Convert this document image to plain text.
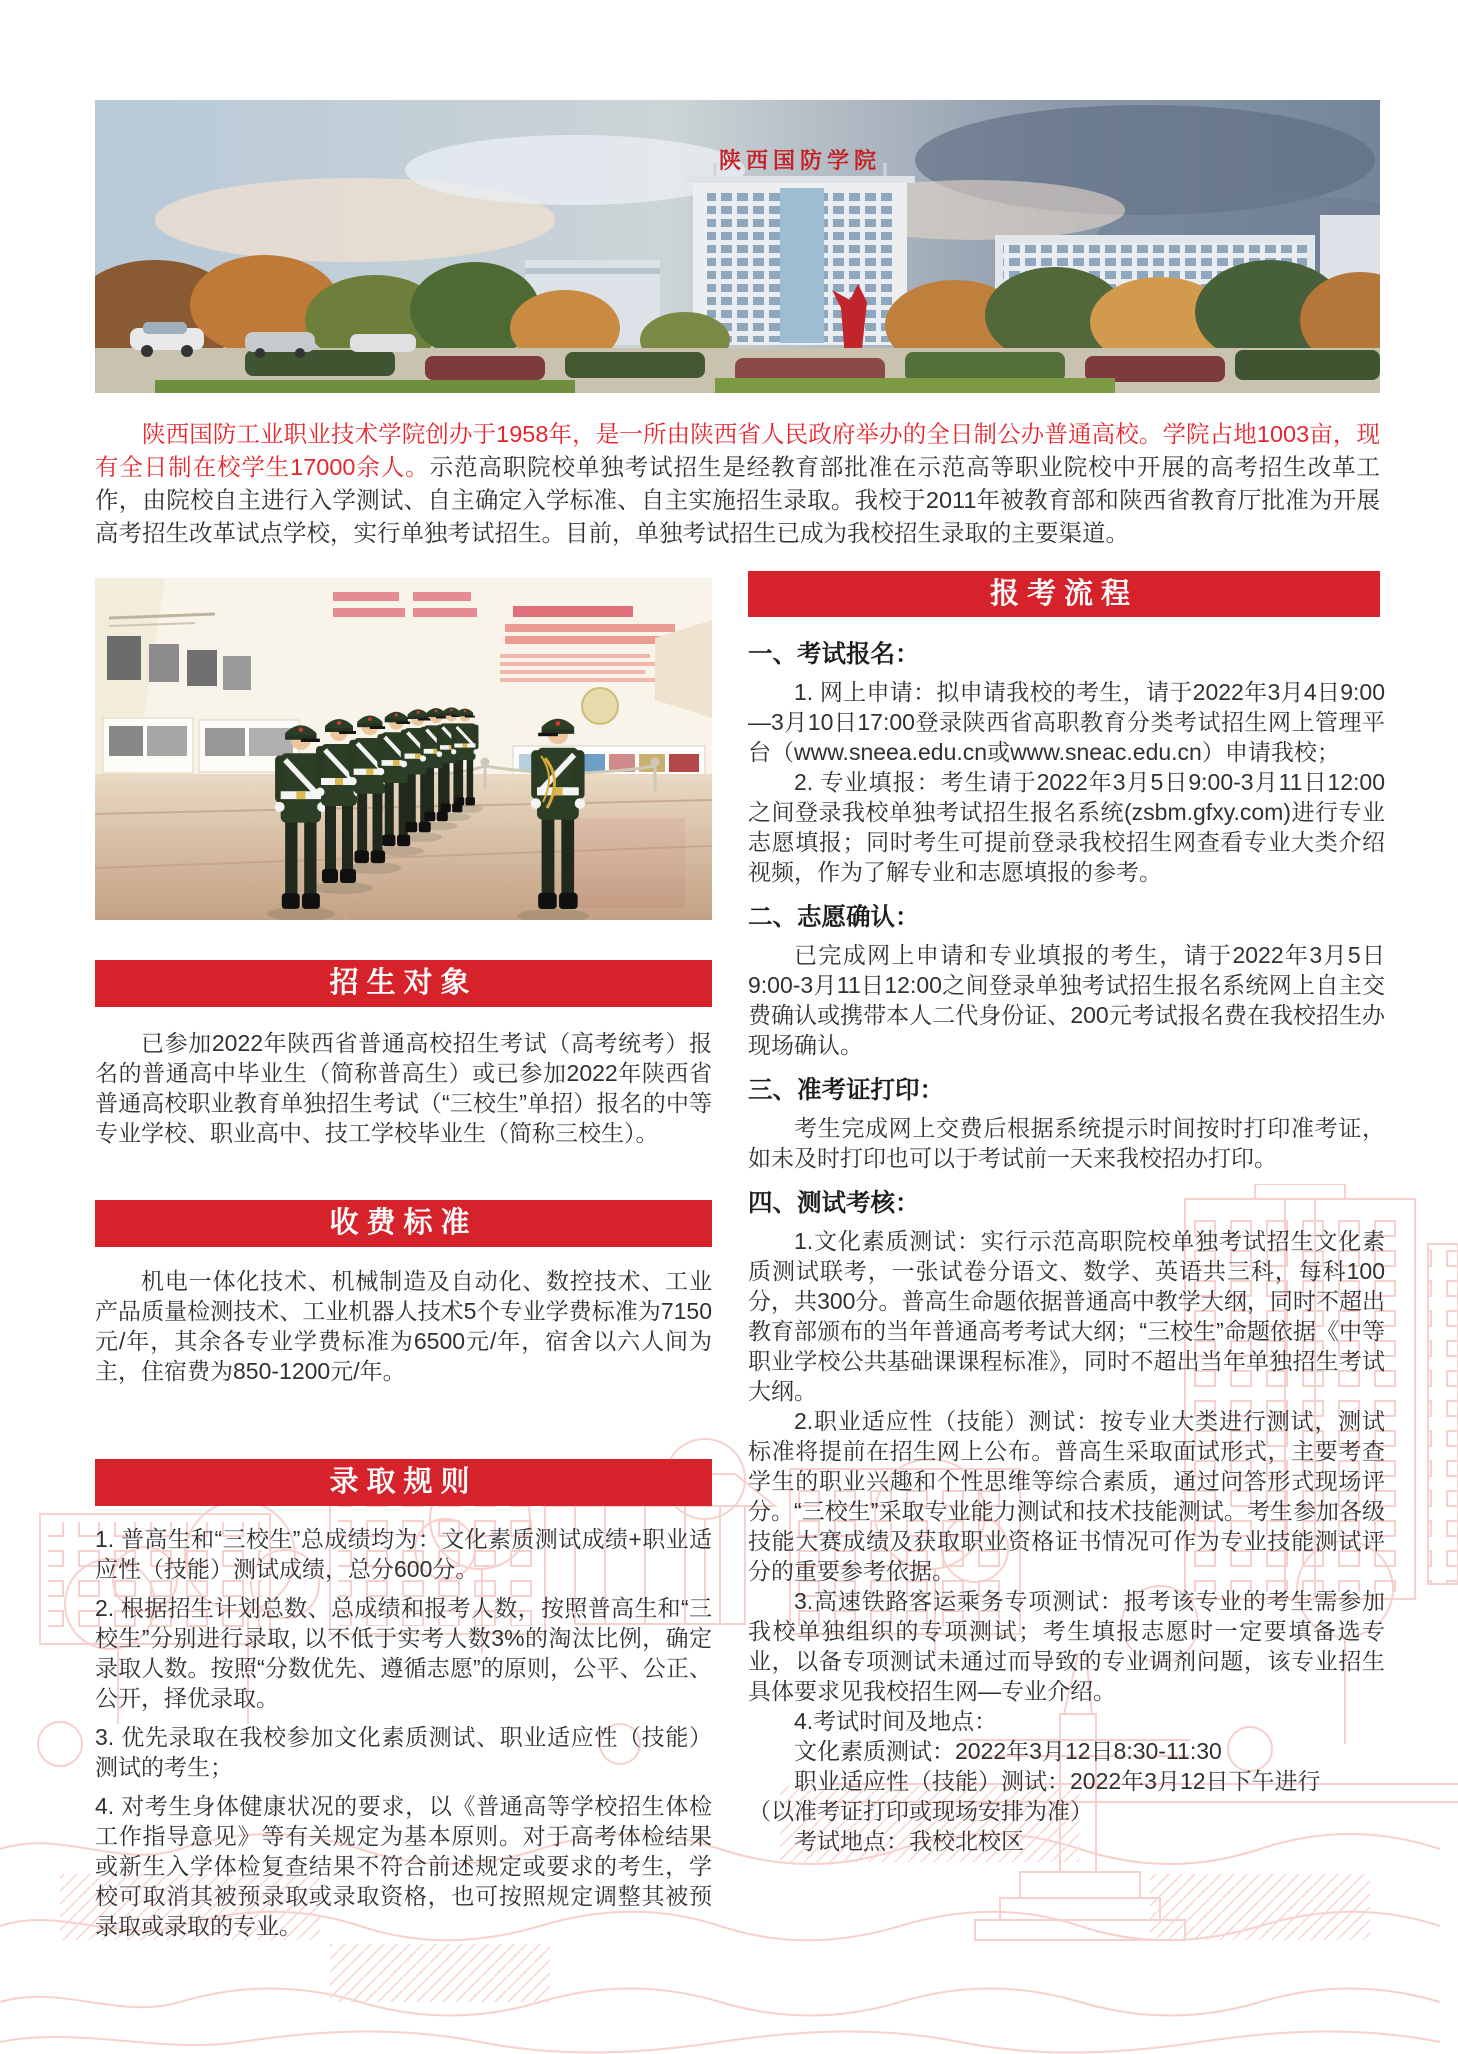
陕西国防学院

陕西国防工业职业技术学院创办于1958年，是一所由陕西省人民政府举办的全日制公办普通高校。学院占地1003亩，现有全日制在校学生17000余人。示范高职院校单独考试招生是经教育部批准在示范高等职业院校中开展的高考招生改革工作，由院校自主进行入学测试、自主确定入学标准、自主实施招生录取。我校于2011年被教育部和陕西省教育厅批准为开展高考招生改革试点学校，实行单独考试招生。目前，单独考试招生已成为我校招生录取的主要渠道。

招生对象

已参加2022年陕西省普通高校招生考试（高考统考）报名的普通高中毕业生（简称普高生）或已参加2022年陕西省普通高校职业教育单独招生考试（“三校生”单招）报名的中等专业学校、职业高中、技工学校毕业生（简称三校生）。

收费标准

机电一体化技术、机械制造及自动化、数控技术、工业产品质量检测技术、工业机器人技术5个专业学费标准为7150元/年，其余各专业学费标准为6500元/年，宿舍以六人间为主，住宿费为850-1200元/年。

录取规则

1. 普高生和“三校生”总成绩均为：文化素质测试成绩+职业适应性（技能）测试成绩，总分600分。

2. 根据招生计划总数、总成绩和报考人数，按照普高生和“三校生”分别进行录取, 以不低于实考人数3%的淘汰比例，确定录取人数。按照“分数优先、遵循志愿”的原则，公平、公正、公开，择优录取。

3. 优先录取在我校参加文化素质测试、职业适应性（技能）测试的考生；

4. 对考生身体健康状况的要求，以《普通高等学校招生体检工作指导意见》等有关规定为基本原则。对于高考体检结果或新生入学体检复查结果不符合前述规定或要求的考生，学校可取消其被预录取或录取资格，也可按照规定调整其被预录取或录取的专业。

报考流程

一、考试报名：

1. 网上申请：拟申请我校的考生，请于2022年3月4日9:00—3月10日17:00登录陕西省高职教育分类考试招生网上管理平台（www.sneea.edu.cn或www.sneac.edu.cn）申请我校；

2. 专业填报：考生请于2022年3月5日9:00-3月11日12:00之间登录我校单独考试招生报名系统(zsbm.gfxy.com)进行专业志愿填报；同时考生可提前登录我校招生网查看专业大类介绍视频，作为了解专业和志愿填报的参考。

二、志愿确认：

已完成网上申请和专业填报的考生，请于2022年3月5日9:00-3月11日12:00之间登录单独考试招生报名系统网上自主交费确认或携带本人二代身份证、200元考试报名费在我校招生办现场确认。

三、准考证打印：

考生完成网上交费后根据系统提示时间按时打印准考证，如未及时打印也可以于考试前一天来我校招办打印。

四、测试考核：

1.文化素质测试：实行示范高职院校单独考试招生文化素质测试联考，一张试卷分语文、数学、英语共三科，每科100分，共300分。普高生命题依据普通高中教学大纲，同时不超出教育部颁布的当年普通高考考试大纲；“三校生”命题依据《中等职业学校公共基础课课程标准》，同时不超出当年单独招生考试大纲。

2.职业适应性（技能）测试：按专业大类进行测试，测试标准将提前在招生网上公布。普高生采取面试形式，主要考查学生的职业兴趣和个性思维等综合素质，通过问答形式现场评分。“三校生”采取专业能力测试和技术技能测试。考生参加各级技能大赛成绩及获取职业资格证书情况可作为专业技能测试评分的重要参考依据。

3.高速铁路客运乘务专项测试：报考该专业的考生需参加我校单独组织的专项测试；考生填报志愿时一定要填备选专业，以备专项测试未通过而导致的专业调剂问题，该专业招生具体要求见我校招生网—专业介绍。

4.考试时间及地点：

文化素质测试：2022年3月12日8:30-11:30

职业适应性（技能）测试：2022年3月12日下午进行

（以准考证打印或现场安排为准）

考试地点：我校北校区
